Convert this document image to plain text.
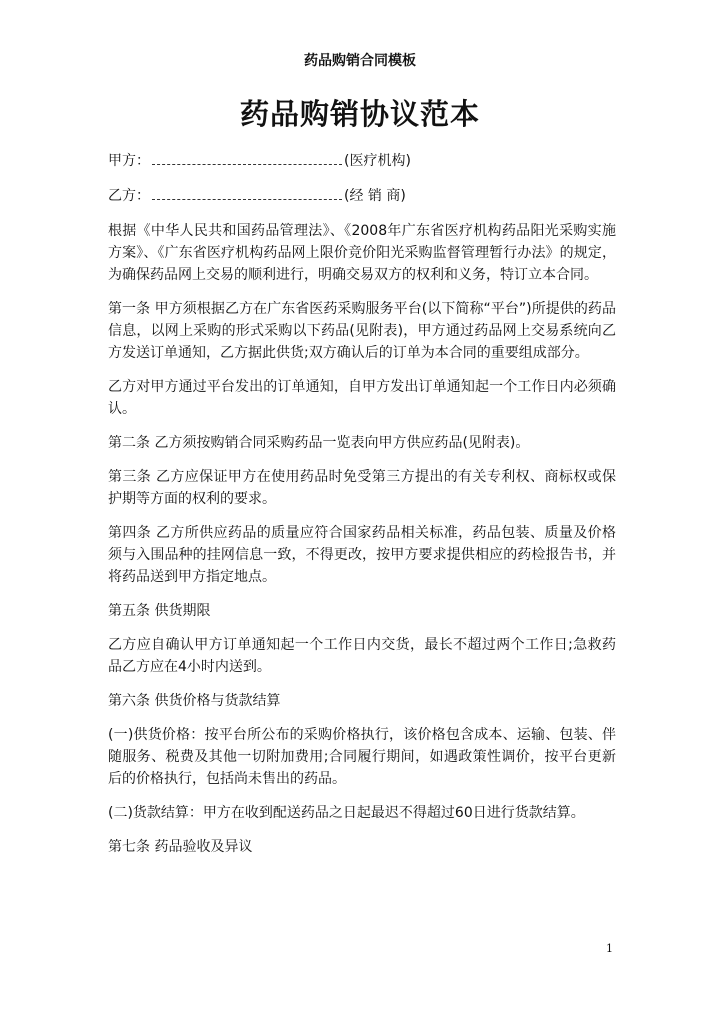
药品购销合同模板
药品购销协议范本

甲方：	(医疗机构)

乙方：	(经 销 商)

根据《中华人民共和国药品管理法》、《2008年广东省医疗机构药品阳光采购实施方案》、《广东省医疗机构药品网上限价竞价阳光采购监督管理暂行办法》的规定，为确保药品网上交易的顺利进行，明确交易双方的权利和义务，特订立本合同。

第一条 甲方须根据乙方在广东省医药采购服务平台(以下简称“平台”)所提供的药品信息，以网上采购的形式采购以下药品(见附表)，甲方通过药品网上交易系统向乙方发送订单通知，乙方据此供货;双方确认后的订单为本合同的重要组成部分。

乙方对甲方通过平台发出的订单通知，自甲方发出订单通知起一个工作日内必须确认。

第二条 乙方须按购销合同采购药品一览表向甲方供应药品(见附表)。

第三条 乙方应保证甲方在使用药品时免受第三方提出的有关专利权、商标权或保护期等方面的权利的要求。

第四条 乙方所供应药品的质量应符合国家药品相关标准，药品包装、质量及价格须与入围品种的挂网信息一致，不得更改，按甲方要求提供相应的药检报告书，并将药品送到甲方指定地点。

第五条 供货期限

乙方应自确认甲方订单通知起一个工作日内交货，最长不超过两个工作日;急救药品乙方应在4小时内送到。

第六条 供货价格与货款结算

(一)供货价格：按平台所公布的采购价格执行，该价格包含成本、运输、包装、伴随服务、税费及其他一切附加费用;合同履行期间，如遇政策性调价，按平台更新后的价格执行，包括尚未售出的药品。

(二)货款结算：甲方在收到配送药品之日起最迟不得超过60日进行货款结算。

第七条 药品验收及异议

1
